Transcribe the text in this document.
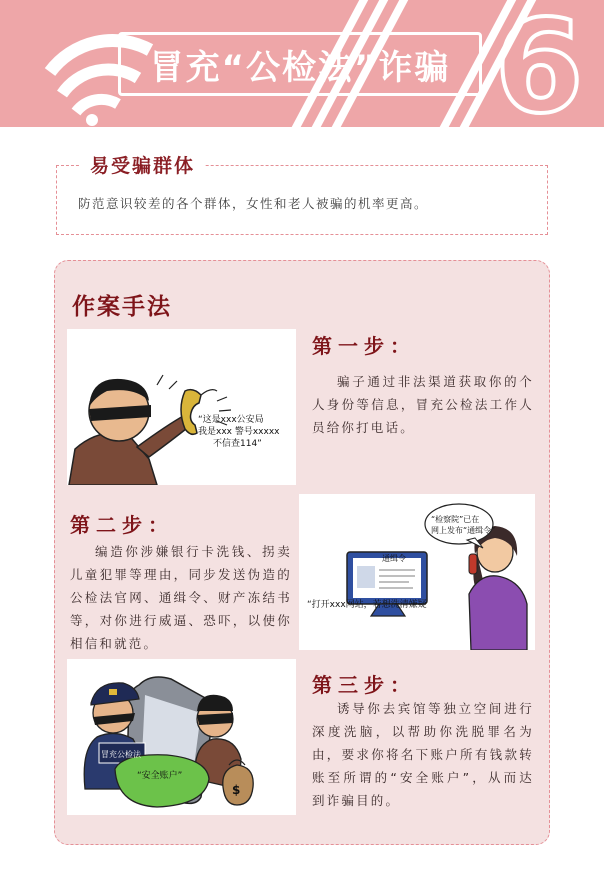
冒充“公检法”诈骗 6
易受骗群体
防范意识较差的各个群体，女性和老人被骗的机率更高。
作案手法
“这是xxx公安局
我是xxx 警号xxxxx
不信查114”
第一步：
骗子通过非法渠道获取你的个人身份等信息，冒充公检法工作人员给你打电话。
第二步：
编造你涉嫌银行卡洗钱、拐卖儿童犯罪等理由，同步发送伪造的公检法官网、通缉令、财产冻结书等，对你进行威逼、恐吓，以使你相信和就范。
通缉令
“打开xxx网站，若想洗清嫌疑
“检察院”已在
网上发布“通缉令”
冒充公检法
“安全账户”
$
第三步：
诱导你去宾馆等独立空间进行深度洗脑，以帮助你洗脱罪名为由，要求你将名下账户所有钱款转账至所谓的“安全账户”，从而达到诈骗目的。
